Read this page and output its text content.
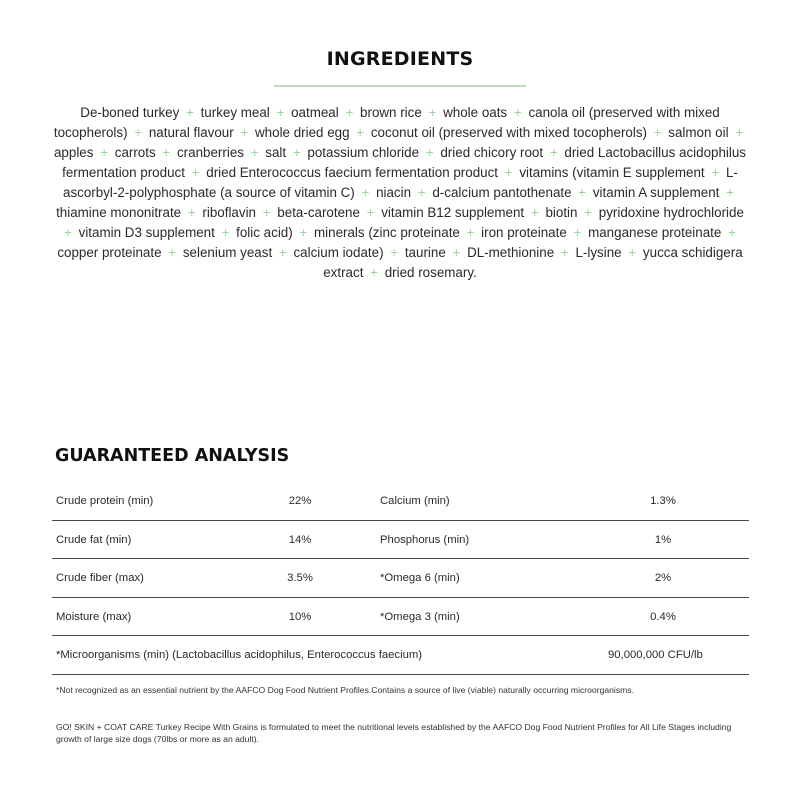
INGREDIENTS
De-boned turkey + turkey meal + oatmeal + brown rice + whole oats + canola oil (preserved with mixed tocopherols) + natural flavour + whole dried egg + coconut oil (preserved with mixed tocopherols) + salmon oil + apples + carrots + cranberries + salt + potassium chloride + dried chicory root + dried Lactobacillus acidophilus fermentation product + dried Enterococcus faecium fermentation product + vitamins (vitamin E supplement + L-ascorbyl-2-polyphosphate (a source of vitamin C) + niacin + d-calcium pantothenate + vitamin A supplement + thiamine mononitrate + riboflavin + beta-carotene + vitamin B12 supplement + biotin + pyridoxine hydrochloride + vitamin D3 supplement + folic acid) + minerals (zinc proteinate + iron proteinate + manganese proteinate + copper proteinate + selenium yeast + calcium iodate) + taurine + DL-methionine + L-lysine + yucca schidigera extract + dried rosemary.
GUARANTEED ANALYSIS
Crude protein (min)	22%	Calcium (min)	1.3%
Crude fat (min)	14%	Phosphorus (min)	1%
Crude fiber (max)	3.5%	*Omega 6 (min)	2%
Moisture (max)	10%	*Omega 3 (min)	0.4%
*Microorganisms (min) (Lactobacillus acidophilus, Enterococcus faecium)	90,000,000 CFU/lb
*Not recognized as an essential nutrient by the AAFCO Dog Food Nutrient Profiles.Contains a source of live (viable) naturally occurring microorganisms.
GO! SKIN + COAT CARE Turkey Recipe With Grains is formulated to meet the nutritional levels established by the AAFCO Dog Food Nutrient Profiles for All Life Stages including growth of large size dogs (70lbs or more as an adult).
